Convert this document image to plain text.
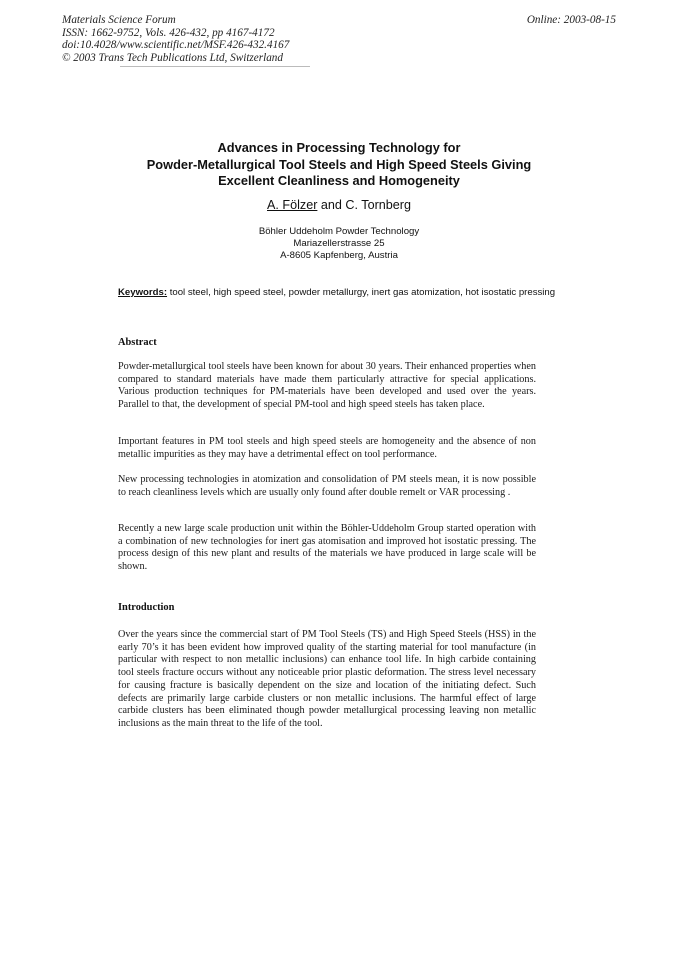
Materials Science Forum
ISSN: 1662-9752, Vols. 426-432, pp 4167-4172
doi:10.4028/www.scientific.net/MSF.426-432.4167
© 2003 Trans Tech Publications Ltd, Switzerland
Online: 2003-08-15
Advances in Processing Technology for
Powder-Metallurgical Tool Steels and High Speed Steels Giving
Excellent Cleanliness and Homogeneity
A. Fölzer and C. Tornberg
Böhler Uddeholm Powder Technology
Mariazellerstrasse 25
A-8605 Kapfenberg, Austria
Keywords: tool steel, high speed steel, powder metallurgy, inert gas atomization, hot isostatic pressing
Abstract
Powder-metallurgical tool steels have been known for about 30 years. Their enhanced properties when compared to standard materials have made them particularly attractive for special applications. Various production techniques for PM-materials have been developed and used over the years. Parallel to that, the development of special PM-tool and high speed steels has taken place.
Important features in PM tool steels and high speed steels are homogeneity and the absence of non metallic impurities as they may have a detrimental effect on tool performance.
New processing technologies in atomization and consolidation of PM steels mean, it is now possible to reach cleanliness levels which are usually only found after double remelt or VAR processing .
Recently a new large scale production unit within the Böhler-Uddeholm Group started operation with a combination of new technologies for inert gas atomisation and improved hot isostatic pressing. The process design of this new plant and results of the materials we have produced in large scale will be shown.
Introduction
Over the years since the commercial start of PM Tool Steels (TS) and High Speed Steels (HSS) in the early 70’s it has been evident how improved quality of the starting material for tool manufacture (in particular with respect to non metallic inclusions) can enhance tool life. In high carbide containing tool steels fracture occurs without any noticeable prior plastic deformation. The stress level necessary for causing fracture is basically dependent on the size and location of the initiating defect. Such defects are primarily large carbide clusters or non metallic inclusions. The harmful effect of large carbide clusters has been eliminated though powder metallurgical processing leaving non metallic inclusions as the main threat to the life of the tool.
